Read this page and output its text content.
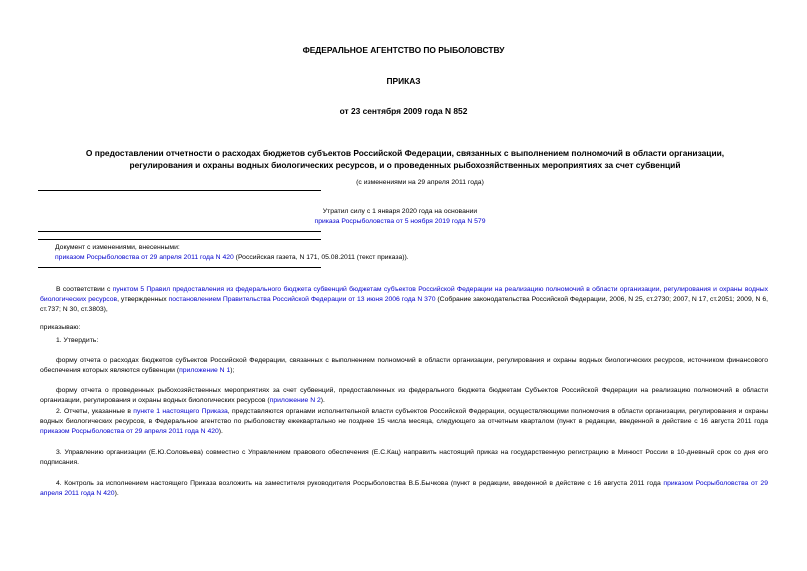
ФЕДЕРАЛЬНОЕ АГЕНТСТВО ПО РЫБОЛОВСТВУ
ПРИКАЗ
от 23 сентября 2009 года N 852
О предоставлении отчетности о расходах бюджетов субъектов Российской Федерации, связанных с выполнением полномочий в области организации,
регулирования и охраны водных биологических ресурсов, и о проведенных рыбохозяйственных мероприятиях за счет субвенций
(с изменениями на 29 апреля 2011 года)
Утратил силу с 1 января 2020 года на основании
приказа Росрыболовства от 5 ноября 2019 года N 579
Документ с изменениями, внесенными:
приказом Росрыболовства от 29 апреля 2011 года N 420 (Российская газета, N 171, 05.08.2011 (текст приказа)).
В соответствии с пунктом 5 Правил предоставления из федерального бюджета субвенций бюджетам субъектов Российской Федерации на реализацию полномочий в области организации, регулирования и охраны водных биологических ресурсов, утвержденных постановлением Правительства Российской Федерации от 13 июня 2006 года N 370 (Собрание законодательства Российской Федерации, 2006, N 25, ст.2730; 2007, N 17, ст.2051; 2009, N 6, ст.737; N 30, ст.3803),
приказываю:
1. Утвердить:
форму отчета о расходах бюджетов субъектов Российской Федерации, связанных с выполнением полномочий в области организации, регулирования и охраны водных биологических ресурсов, источником финансового обеспечения которых являются субвенции (приложение N 1);
форму отчета о проведенных рыбохозяйственных мероприятиях за счет субвенций, предоставленных из федерального бюджета бюджетам Субъектов Российской Федерации на реализацию полномочий в области организации, регулирования и охраны водных биологических ресурсов (приложение N 2).
2. Отчеты, указанные в пункте 1 настоящего Приказа, представляются органами исполнительной власти субъектов Российской Федерации, осуществляющими полномочия в области организации, регулирования и охраны водных биологических ресурсов, в Федеральное агентство по рыболовству ежеквартально не позднее 15 числа месяца, следующего за отчетным кварталом (пункт в редакции, введенной в действие с 16 августа 2011 года приказом Росрыболовства от 29 апреля 2011 года N 420).
3. Управлению организации (Е.Ю.Соловьева) совместно с Управлением правового обеспечения (Е.С.Кац) направить настоящий приказ на государственную регистрацию в Минюст России в 10-дневный срок со дня его подписания.
4. Контроль за исполнением настоящего Приказа возложить на заместителя руководителя Росрыболовства В.Б.Бычкова (пункт в редакции, введенной в действие с 16 августа 2011 года приказом Росрыболовства от 29 апреля 2011 года N 420).
